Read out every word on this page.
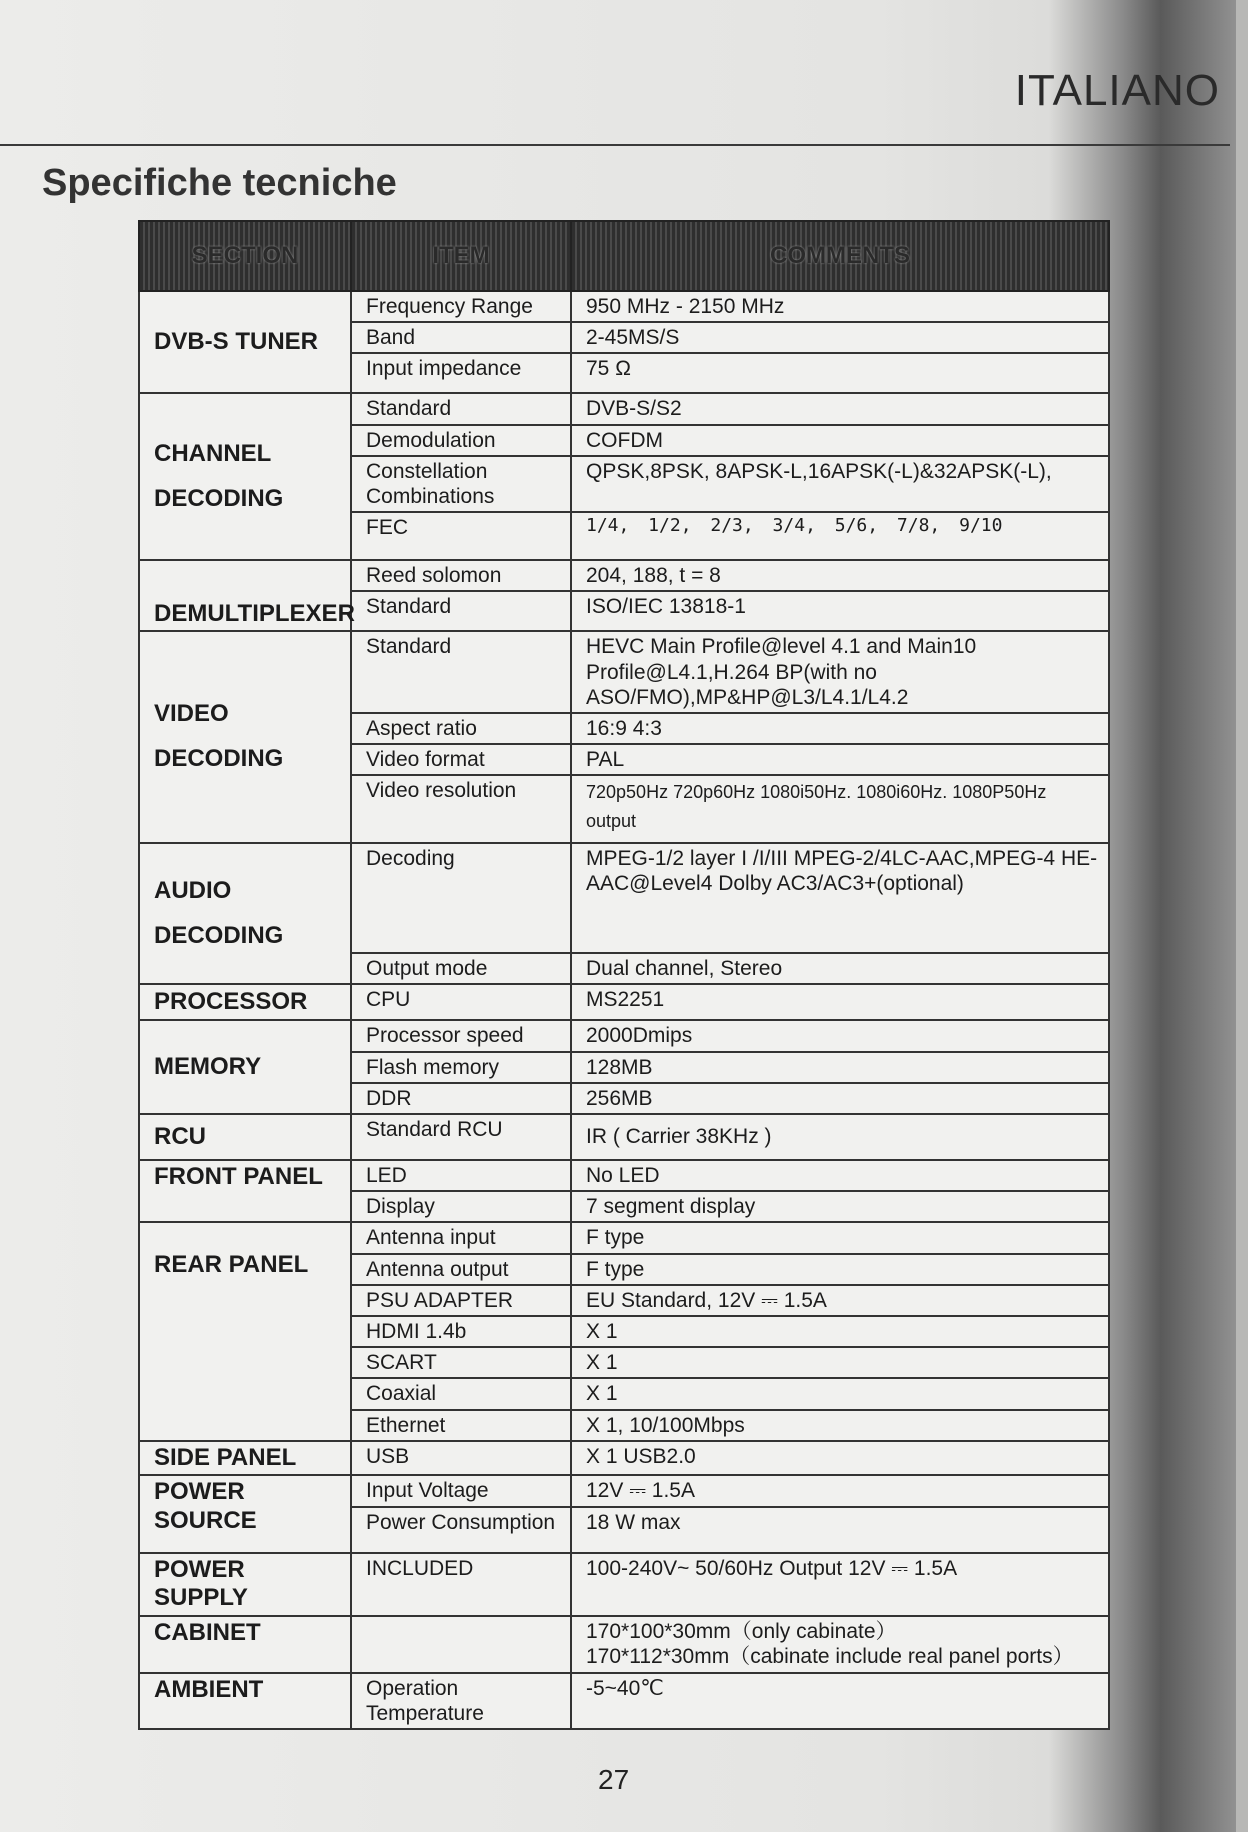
ITALIANO
Specifiche tecniche
SECTION	ITEM	COMMENTS
DVB-S TUNER	Frequency Range	950 MHz - 2150 MHz
	Band	2-45MS/S
	Input impedance	75 Ω
CHANNEL
DECODING	Standard	DVB-S/S2
	Demodulation	COFDM
	Constellation Combinations	QPSK,8PSK, 8APSK-L,16APSK(-L)&32APSK(-L),
	FEC	1/4, 1/2, 2/3, 3/4, 5/6, 7/8, 9/10
DEMULTIPLEXER	Reed solomon	204, 188, t = 8
	Standard	ISO/IEC 13818-1
VIDEO
DECODING	Standard	HEVC Main Profile@level 4.1 and Main10 Profile@L4.1,H.264 BP(with no ASO/FMO),MP&HP@L3/L4.1/L4.2
	Aspect ratio	16:9 4:3
	Video format	PAL
	Video resolution	720p50Hz 720p60Hz 1080i50Hz. 1080i60Hz. 1080P50Hz output
AUDIO
DECODING	Decoding	MPEG-1/2 layer I /I/III MPEG-2/4LC-AAC,MPEG-4 HE-AAC@Level4 Dolby AC3/AC3+(optional)
	Output mode	Dual channel, Stereo
PROCESSOR	CPU	MS2251
MEMORY	Processor speed	2000Dmips
	Flash memory	128MB
	DDR	256MB
RCU	Standard RCU	IR ( Carrier 38KHz )
FRONT PANEL	LED	No LED
	Display	7 segment display
REAR PANEL	Antenna input	F type
	Antenna output	F type
	PSU ADAPTER	EU Standard, 12V ⎓ 1.5A
	HDMI 1.4b	X 1
	SCART	X 1
	Coaxial	X 1
	Ethernet	X 1, 10/100Mbps
SIDE PANEL	USB	X 1 USB2.0
POWER SOURCE	Input Voltage	12V ⎓ 1.5A
	Power Consumption	18 W max
POWER SUPPLY	INCLUDED	100-240V~ 50/60Hz Output 12V ⎓ 1.5A
CABINET		170*100*30mm（only cabinate）
170*112*30mm（cabinate include real panel ports）

AMBIENT	Operation Temperature	-5~40℃
27
